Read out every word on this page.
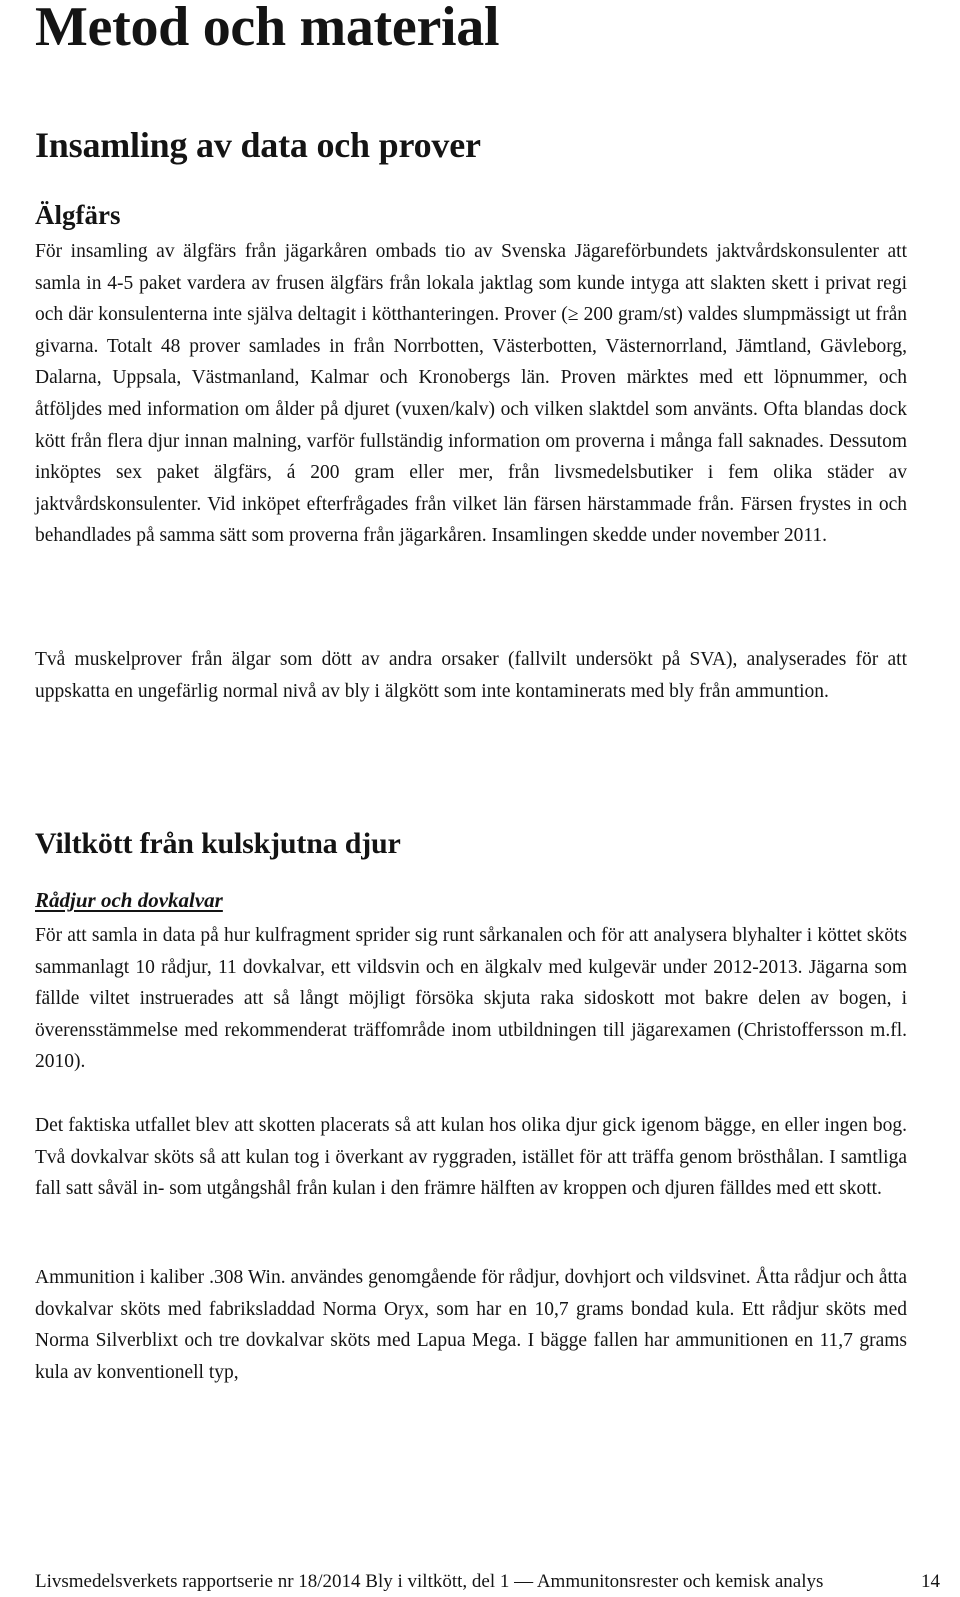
Metod och material
Insamling av data och prover
Älgfärs

För insamling av älgfärs från jägarkåren ombads tio av Svenska Jägareförbundets jaktvårdskonsulenter att samla in 4-5 paket vardera av frusen älgfärs från lokala jaktlag som kunde intyga att slakten skett i privat regi och där konsulenterna inte själva deltagit i kötthanteringen. Prover (≥ 200 gram/st) valdes slumpmässigt ut från givarna. Totalt 48 prover samlades in från Norrbotten, Västerbotten, Västernorrland, Jämtland, Gävleborg, Dalarna, Uppsala, Västmanland, Kalmar och Kronobergs län. Proven märktes med ett löpnummer, och åtföljdes med information om ålder på djuret (vuxen/kalv) och vilken slaktdel som använts. Ofta blandas dock kött från flera djur innan malning, varför fullständig information om proverna i många fall saknades. Dessutom inköptes sex paket älgfärs, á 200 gram eller mer, från livsmedelsbutiker i fem olika städer av jaktvårdskonsulenter. Vid inköpet efterfrågades från vilket län färsen härstammade från. Färsen frystes in och behandlades på samma sätt som proverna från jägarkåren. Insamlingen skedde under november 2011.

Två muskelprover från älgar som dött av andra orsaker (fallvilt undersökt på SVA), analyserades för att uppskatta en ungefärlig normal nivå av bly i älgkött som inte kontaminerats med bly från ammuntion.

Viltkött från kulskjutna djur
Rådjur och dovkalvar

För att samla in data på hur kulfragment sprider sig runt sårkanalen och för att analysera blyhalter i köttet sköts sammanlagt 10 rådjur, 11 dovkalvar, ett vildsvin och en älgkalv med kulgevär under 2012-2013. Jägarna som fällde viltet instruerades att så långt möjligt försöka skjuta raka sidoskott mot bakre delen av bogen, i överensstämmelse med rekommenderat träffområde inom utbildningen till jägarexamen (Christoffersson m.fl. 2010).

Det faktiska utfallet blev att skotten placerats så att kulan hos olika djur gick igenom bägge, en eller ingen bog. Två dovkalvar sköts så att kulan tog i överkant av ryggraden, istället för att träffa genom brösthålan. I samtliga fall satt såväl in- som utgångshål från kulan i den främre hälften av kroppen och djuren fälldes med ett skott.

Ammunition i kaliber .308 Win. användes genomgående för rådjur, dovhjort och vildsvinet. Åtta rådjur och åtta dovkalvar sköts med fabriksladdad Norma Oryx, som har en 10,7 grams bondad kula. Ett rådjur sköts med Norma Silverblixt och tre dovkalvar sköts med Lapua Mega. I bägge fallen har ammunitionen en 11,7 grams kula av konventionell typ,

Livsmedelsverkets rapportserie nr 18/2014 Bly i viltkött, del 1 — Ammunitonsrester och kemisk analys	14
